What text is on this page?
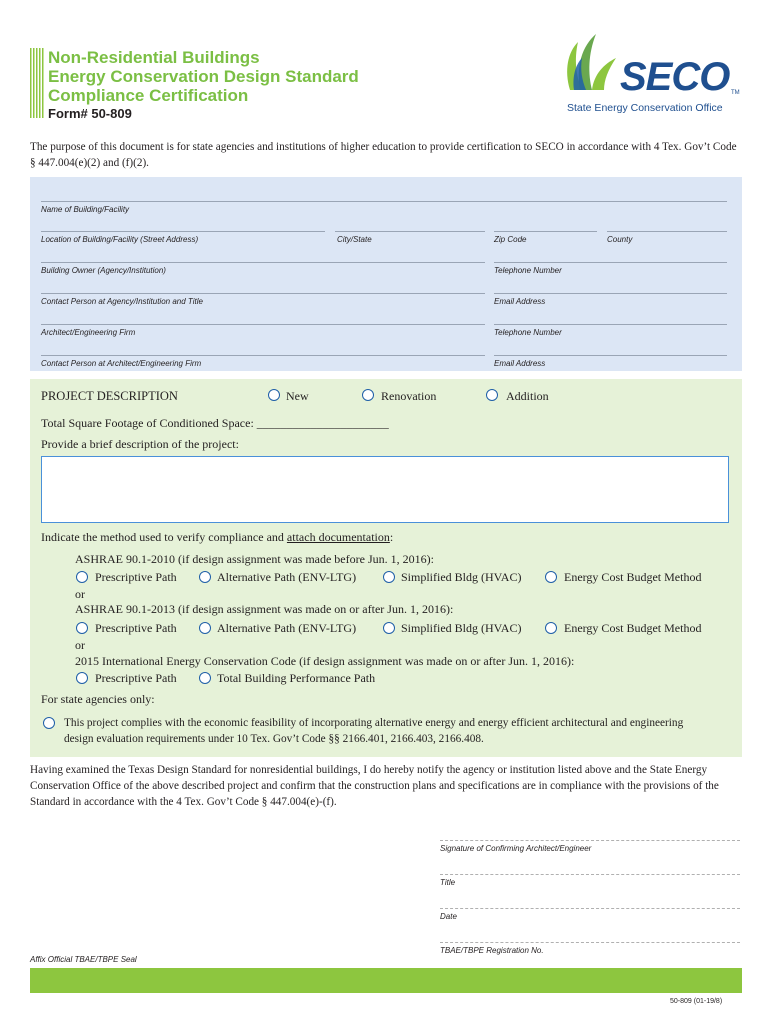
Non-Residential Buildings
Energy Conservation Design Standard
Compliance Certification
Form# 50-809
SECO TM
State Energy Conservation Office
The purpose of this document is for state agencies and institutions of higher education to provide certification to SECO in accordance with 4 Tex. Gov’t Code § 447.004(e)(2) and (f)(2).
Name of Building/Facility
Location of Building/Facility (Street Address)	City/State	Zip Code	County
Building Owner (Agency/Institution)	Telephone Number
Contact Person at Agency/Institution and Title	Email Address
Architect/Engineering Firm	Telephone Number
Contact Person at Architect/Engineering Firm	Email Address
PROJECT DESCRIPTION	New	Renovation	Addition
Total Square Footage of Conditioned Space: ______________________
Provide a brief description of the project:
Indicate the method used to verify compliance and attach documentation:
ASHRAE 90.1-2010 (if design assignment was made before Jun. 1, 2016):
Prescriptive Path	Alternative Path (ENV-LTG)	Simplified Bldg (HVAC)	Energy Cost Budget Method
or
ASHRAE 90.1-2013 (if design assignment was made on or after Jun. 1, 2016):
Prescriptive Path	Alternative Path (ENV-LTG)	Simplified Bldg (HVAC)	Energy Cost Budget Method
or
2015 International Energy Conservation Code (if design assignment was made on or after Jun. 1, 2016):
Prescriptive Path	Total Building Performance Path
For state agencies only:
This project complies with the economic feasibility of incorporating alternative energy and energy efficient architectural and engineering
design evaluation requirements under 10 Tex. Gov’t Code §§ 2166.401, 2166.403, 2166.408.
Having examined the Texas Design Standard for nonresidential buildings, I do hereby notify the agency or institution listed above and the State Energy Conservation Office of the above described project and confirm that the construction plans and specifications are in compliance with the provisions of the Standard in accordance with the 4 Tex. Gov’t Code § 447.004(e)-(f).
Signature of Confirming Architect/Engineer
Title
Date
TBAE/TBPE Registration No.
Affix Official TBAE/TBPE Seal
50-809 (01-19/8)
